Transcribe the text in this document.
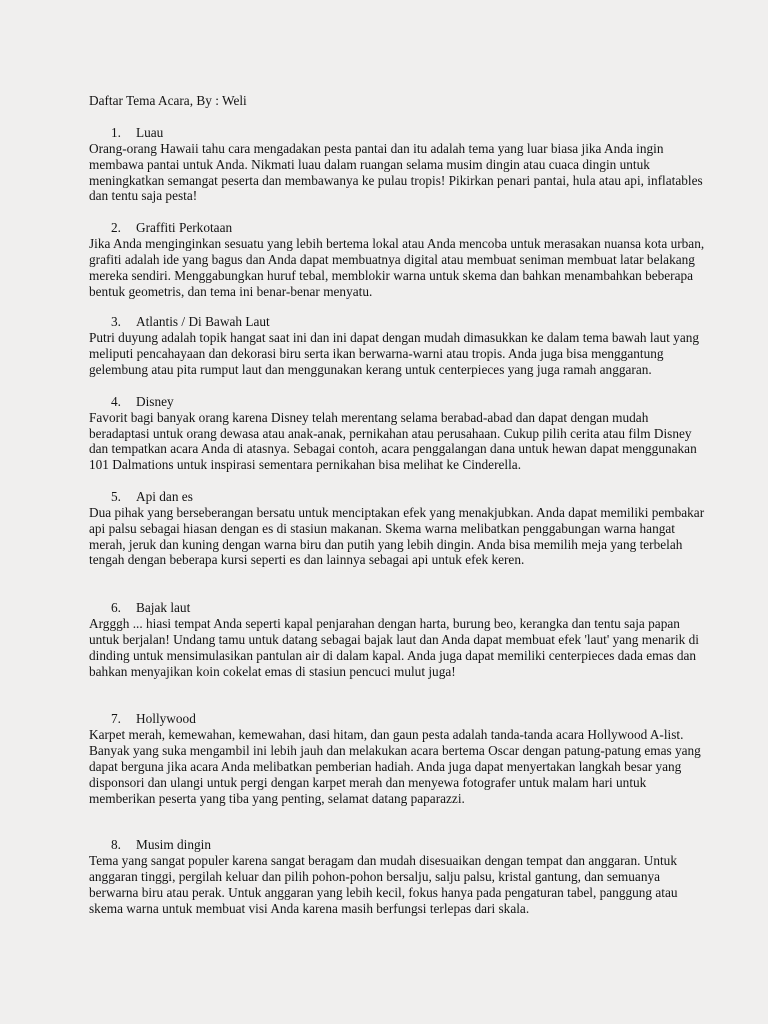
Daftar Tema Acara, By : Weli
1. Luau

Orang-orang Hawaii tahu cara mengadakan pesta pantai dan itu adalah tema yang luar biasa jika Anda ingin
membawa pantai untuk Anda. Nikmati luau dalam ruangan selama musim dingin atau cuaca dingin untuk
meningkatkan semangat peserta dan membawanya ke pulau tropis! Pikirkan penari pantai, hula atau api, inflatables
dan tentu saja pesta!

2. Graffiti Perkotaan

Jika Anda menginginkan sesuatu yang lebih bertema lokal atau Anda mencoba untuk merasakan nuansa kota urban,
grafiti adalah ide yang bagus dan Anda dapat membuatnya digital atau membuat seniman membuat latar belakang
mereka sendiri. Menggabungkan huruf tebal, memblokir warna untuk skema dan bahkan menambahkan beberapa
bentuk geometris, dan tema ini benar-benar menyatu.

3. Atlantis / Di Bawah Laut

Putri duyung adalah topik hangat saat ini dan ini dapat dengan mudah dimasukkan ke dalam tema bawah laut yang
meliputi pencahayaan dan dekorasi biru serta ikan berwarna-warni atau tropis. Anda juga bisa menggantung
gelembung atau pita rumput laut dan menggunakan kerang untuk centerpieces yang juga ramah anggaran.

4. Disney

Favorit bagi banyak orang karena Disney telah merentang selama berabad-abad dan dapat dengan mudah
beradaptasi untuk orang dewasa atau anak-anak, pernikahan atau perusahaan. Cukup pilih cerita atau film Disney
dan tempatkan acara Anda di atasnya. Sebagai contoh, acara penggalangan dana untuk hewan dapat menggunakan
101 Dalmations untuk inspirasi sementara pernikahan bisa melihat ke Cinderella.

5. Api dan es

Dua pihak yang berseberangan bersatu untuk menciptakan efek yang menakjubkan. Anda dapat memiliki pembakar
api palsu sebagai hiasan dengan es di stasiun makanan. Skema warna melibatkan penggabungan warna hangat
merah, jeruk dan kuning dengan warna biru dan putih yang lebih dingin. Anda bisa memilih meja yang terbelah
tengah dengan beberapa kursi seperti es dan lainnya sebagai api untuk efek keren.

6. Bajak laut

Argggh ... hiasi tempat Anda seperti kapal penjarahan dengan harta, burung beo, kerangka dan tentu saja papan
untuk berjalan! Undang tamu untuk datang sebagai bajak laut dan Anda dapat membuat efek 'laut' yang menarik di
dinding untuk mensimulasikan pantulan air di dalam kapal. Anda juga dapat memiliki centerpieces dada emas dan
bahkan menyajikan koin cokelat emas di stasiun pencuci mulut juga!

7. Hollywood

Karpet merah, kemewahan, kemewahan, dasi hitam, dan gaun pesta adalah tanda-tanda acara Hollywood A-list.
Banyak yang suka mengambil ini lebih jauh dan melakukan acara bertema Oscar dengan patung-patung emas yang
dapat berguna jika acara Anda melibatkan pemberian hadiah. Anda juga dapat menyertakan langkah besar yang
disponsori dan ulangi untuk pergi dengan karpet merah dan menyewa fotografer untuk malam hari untuk
memberikan peserta yang tiba yang penting, selamat datang paparazzi.

8. Musim dingin

Tema yang sangat populer karena sangat beragam dan mudah disesuaikan dengan tempat dan anggaran. Untuk
anggaran tinggi, pergilah keluar dan pilih pohon-pohon bersalju, salju palsu, kristal gantung, dan semuanya
berwarna biru atau perak. Untuk anggaran yang lebih kecil, fokus hanya pada pengaturan tabel, panggung atau
skema warna untuk membuat visi Anda karena masih berfungsi terlepas dari skala.
